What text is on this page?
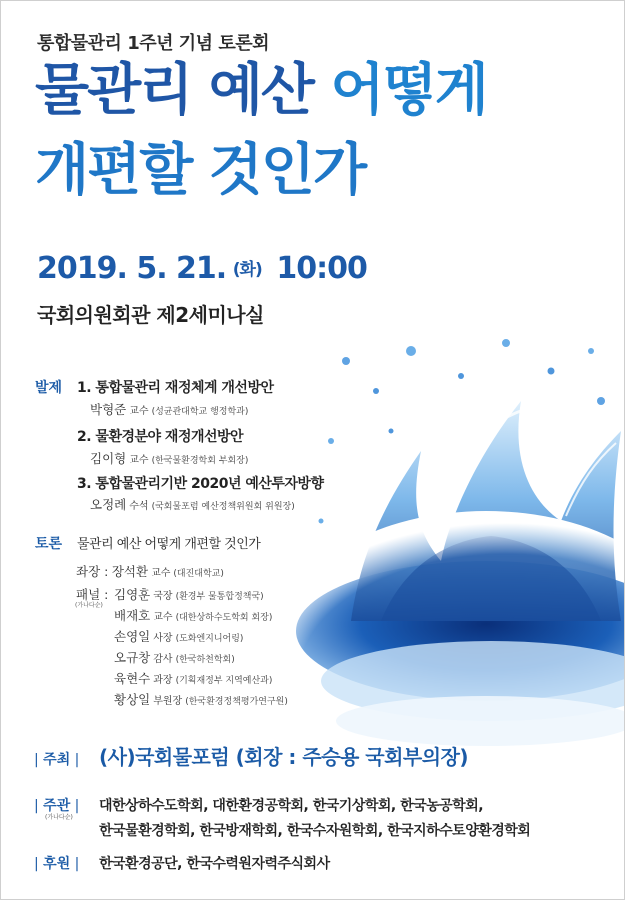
통합물관리 1주년 기념 토론회
물관리 예산 어떻게
개편할 것인가
2019. 5. 21. (화) 10:00
국회의원회관 제2세미나실
발제 1. 통합물관리 재정체계 개선방안
박형준 교수 (성균관대학교 행정학과)
2. 물환경분야 재정개선방안
김이형 교수 (한국물환경학회 부회장)
3. 통합물관리기반 2020년 예산투자방향
오정례 수석 (국회물포럼 예산정책위원회 위원장)
토론 물관리 예산 어떻게 개편할 것인가
좌장 : 장석환 교수 (대진대학교)
패널 :
(가나다순)
김영훈 국장 (환경부 물통합정책국)
배재호 교수 (대한상하수도학회 회장)
손영일 사장 (도화엔지니어링)
오규창 감사 (한국하천학회)
육현수 과장 (기획재정부 지역예산과)
황상일 부원장 (한국환경정책평가연구원)
| 주최 | (사)국회물포럼 (회장 : 주승용 국회부의장)
| 주관 |
(가나다순)
대한상하수도학회, 대한환경공학회, 한국기상학회, 한국농공학회,
한국물환경학회, 한국방재학회, 한국수자원학회, 한국지하수토양환경학회
| 후원 | 한국환경공단, 한국수력원자력주식회사
